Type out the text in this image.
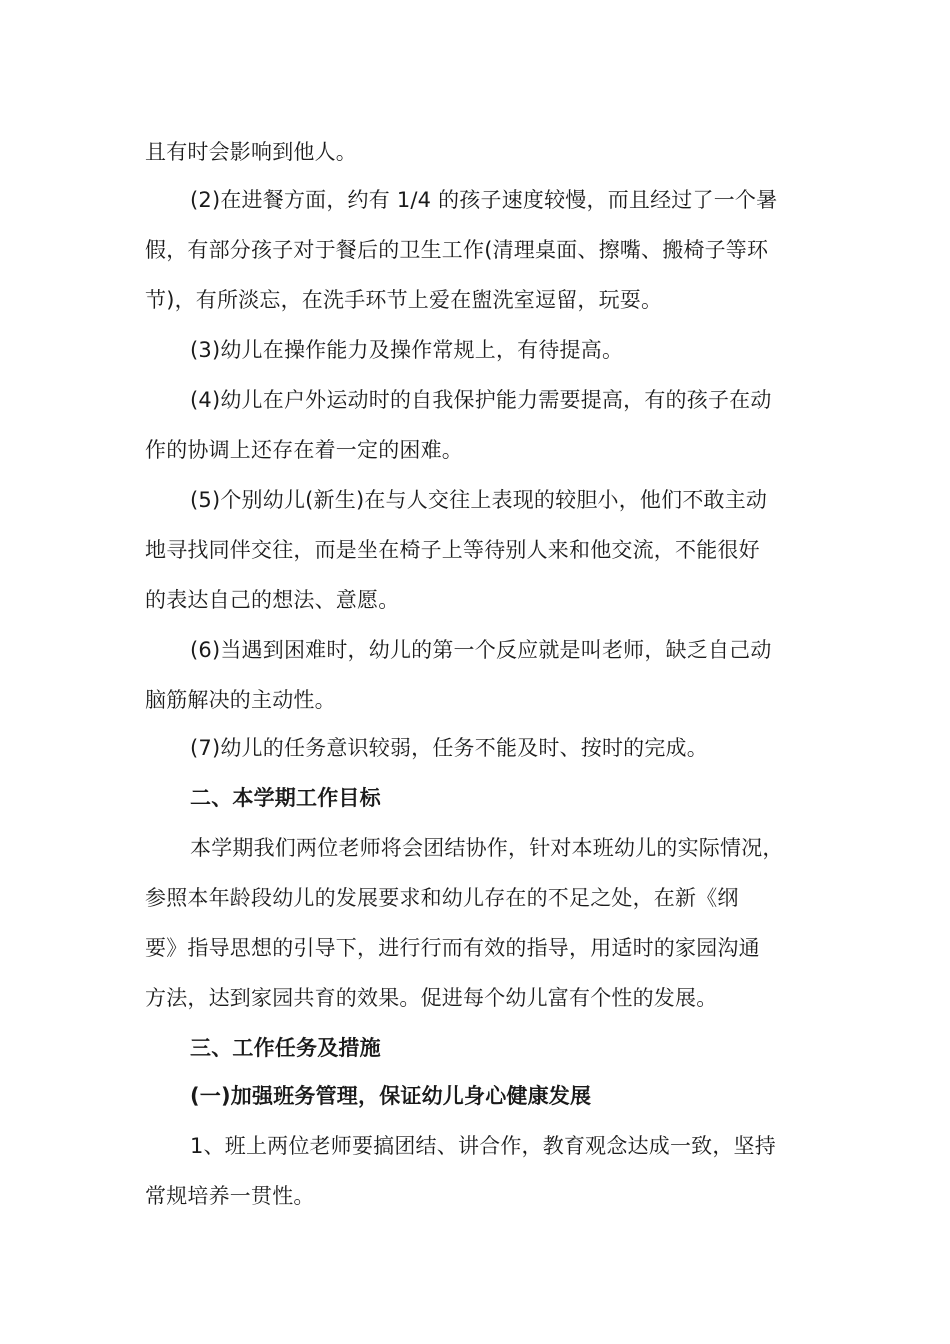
且有时会影响到他人。
(2)在进餐方面，约有 1/4 的孩子速度较慢，而且经过了一个暑
假，有部分孩子对于餐后的卫生工作(清理桌面、擦嘴、搬椅子等环
节)，有所淡忘，在洗手环节上爱在盥洗室逗留，玩耍。
(3)幼儿在操作能力及操作常规上，有待提高。
(4)幼儿在户外运动时的自我保护能力需要提高，有的孩子在动
作的协调上还存在着一定的困难。
(5)个别幼儿(新生)在与人交往上表现的较胆小，他们不敢主动
地寻找同伴交往，而是坐在椅子上等待别人来和他交流，不能很好
的表达自己的想法、意愿。
(6)当遇到困难时，幼儿的第一个反应就是叫老师，缺乏自己动
脑筋解决的主动性。
(7)幼儿的任务意识较弱，任务不能及时、按时的完成。
二、本学期工作目标
本学期我们两位老师将会团结协作，针对本班幼儿的实际情况，
参照本年龄段幼儿的发展要求和幼儿存在的不足之处，在新《纲
要》指导思想的引导下，进行行而有效的指导，用适时的家园沟通
方法，达到家园共育的效果。促进每个幼儿富有个性的发展。
三、工作任务及措施
(一)加强班务管理，保证幼儿身心健康发展
1、班上两位老师要搞团结、讲合作，教育观念达成一致，坚持
常规培养一贯性。
